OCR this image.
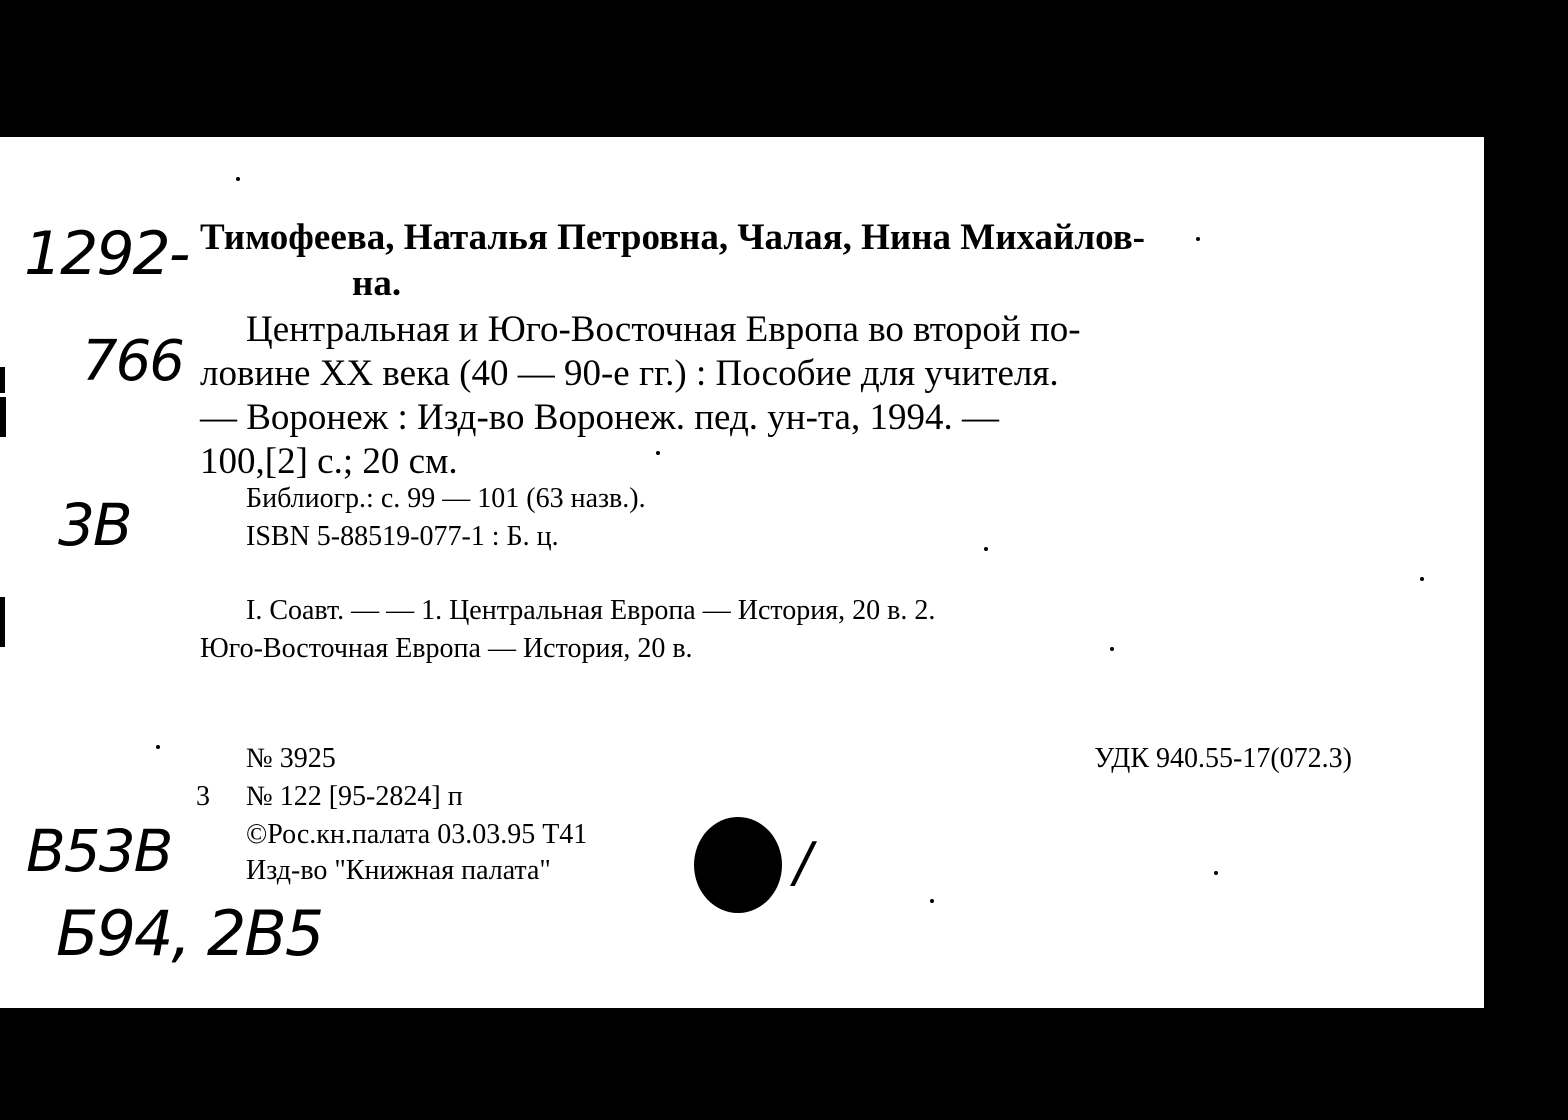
1292-
766
3B
B53B
Б94, 2B5
/
Тимофеева, Наталья Петровна, Чалая, Нина Михайлов-
на.
Центральная и Юго-Восточная Европа во второй по-
ловине XX века (40 — 90-е гг.) : Пособие для учителя.
— Воронеж : Изд-во Воронеж. пед. ун-та, 1994. —
100,[2] с.; 20 см.
Библиогр.: с. 99 — 101 (63 назв.).
ISBN 5-88519-077-1 : Б. ц.
I. Соавт. — — 1. Центральная Европа — История, 20 в. 2.
Юго-Восточная Европа — История, 20 в.
№ 3925	УДК 940.55-17(072.3)
3 № 122 [95-2824] п
©Рос.кн.палата 03.03.95 Т41
Изд-во "Книжная палата"
